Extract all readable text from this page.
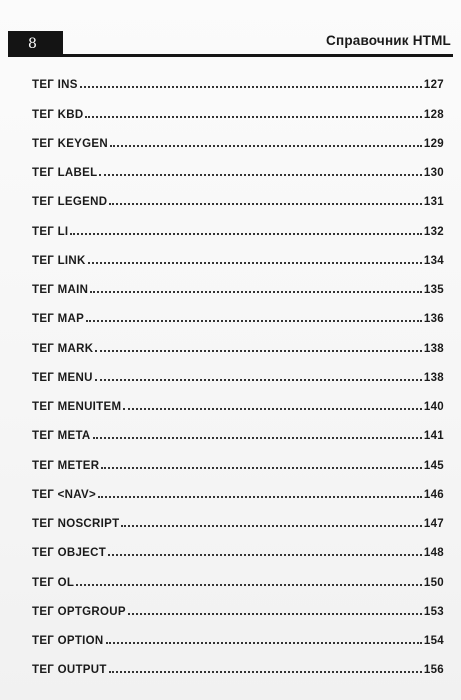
8	Справочник HTML
ТЕГ INS	127
ТЕГ KBD	128
ТЕГ KEYGEN	129
ТЕГ LABEL	130
ТЕГ LEGEND	131
ТЕГ LI	132
ТЕГ LINK	134
ТЕГ MAIN	135
ТЕГ MAP	136
ТЕГ MARK	138
ТЕГ MENU	138
ТЕГ MENUITEM	140
ТЕГ META	141
ТЕГ METER	145
ТЕГ <NAV>	146
ТЕГ NOSCRIPT	147
ТЕГ OBJECT	148
ТЕГ OL	150
ТЕГ OPTGROUP	153
ТЕГ OPTION	154
ТЕГ OUTPUT	156
